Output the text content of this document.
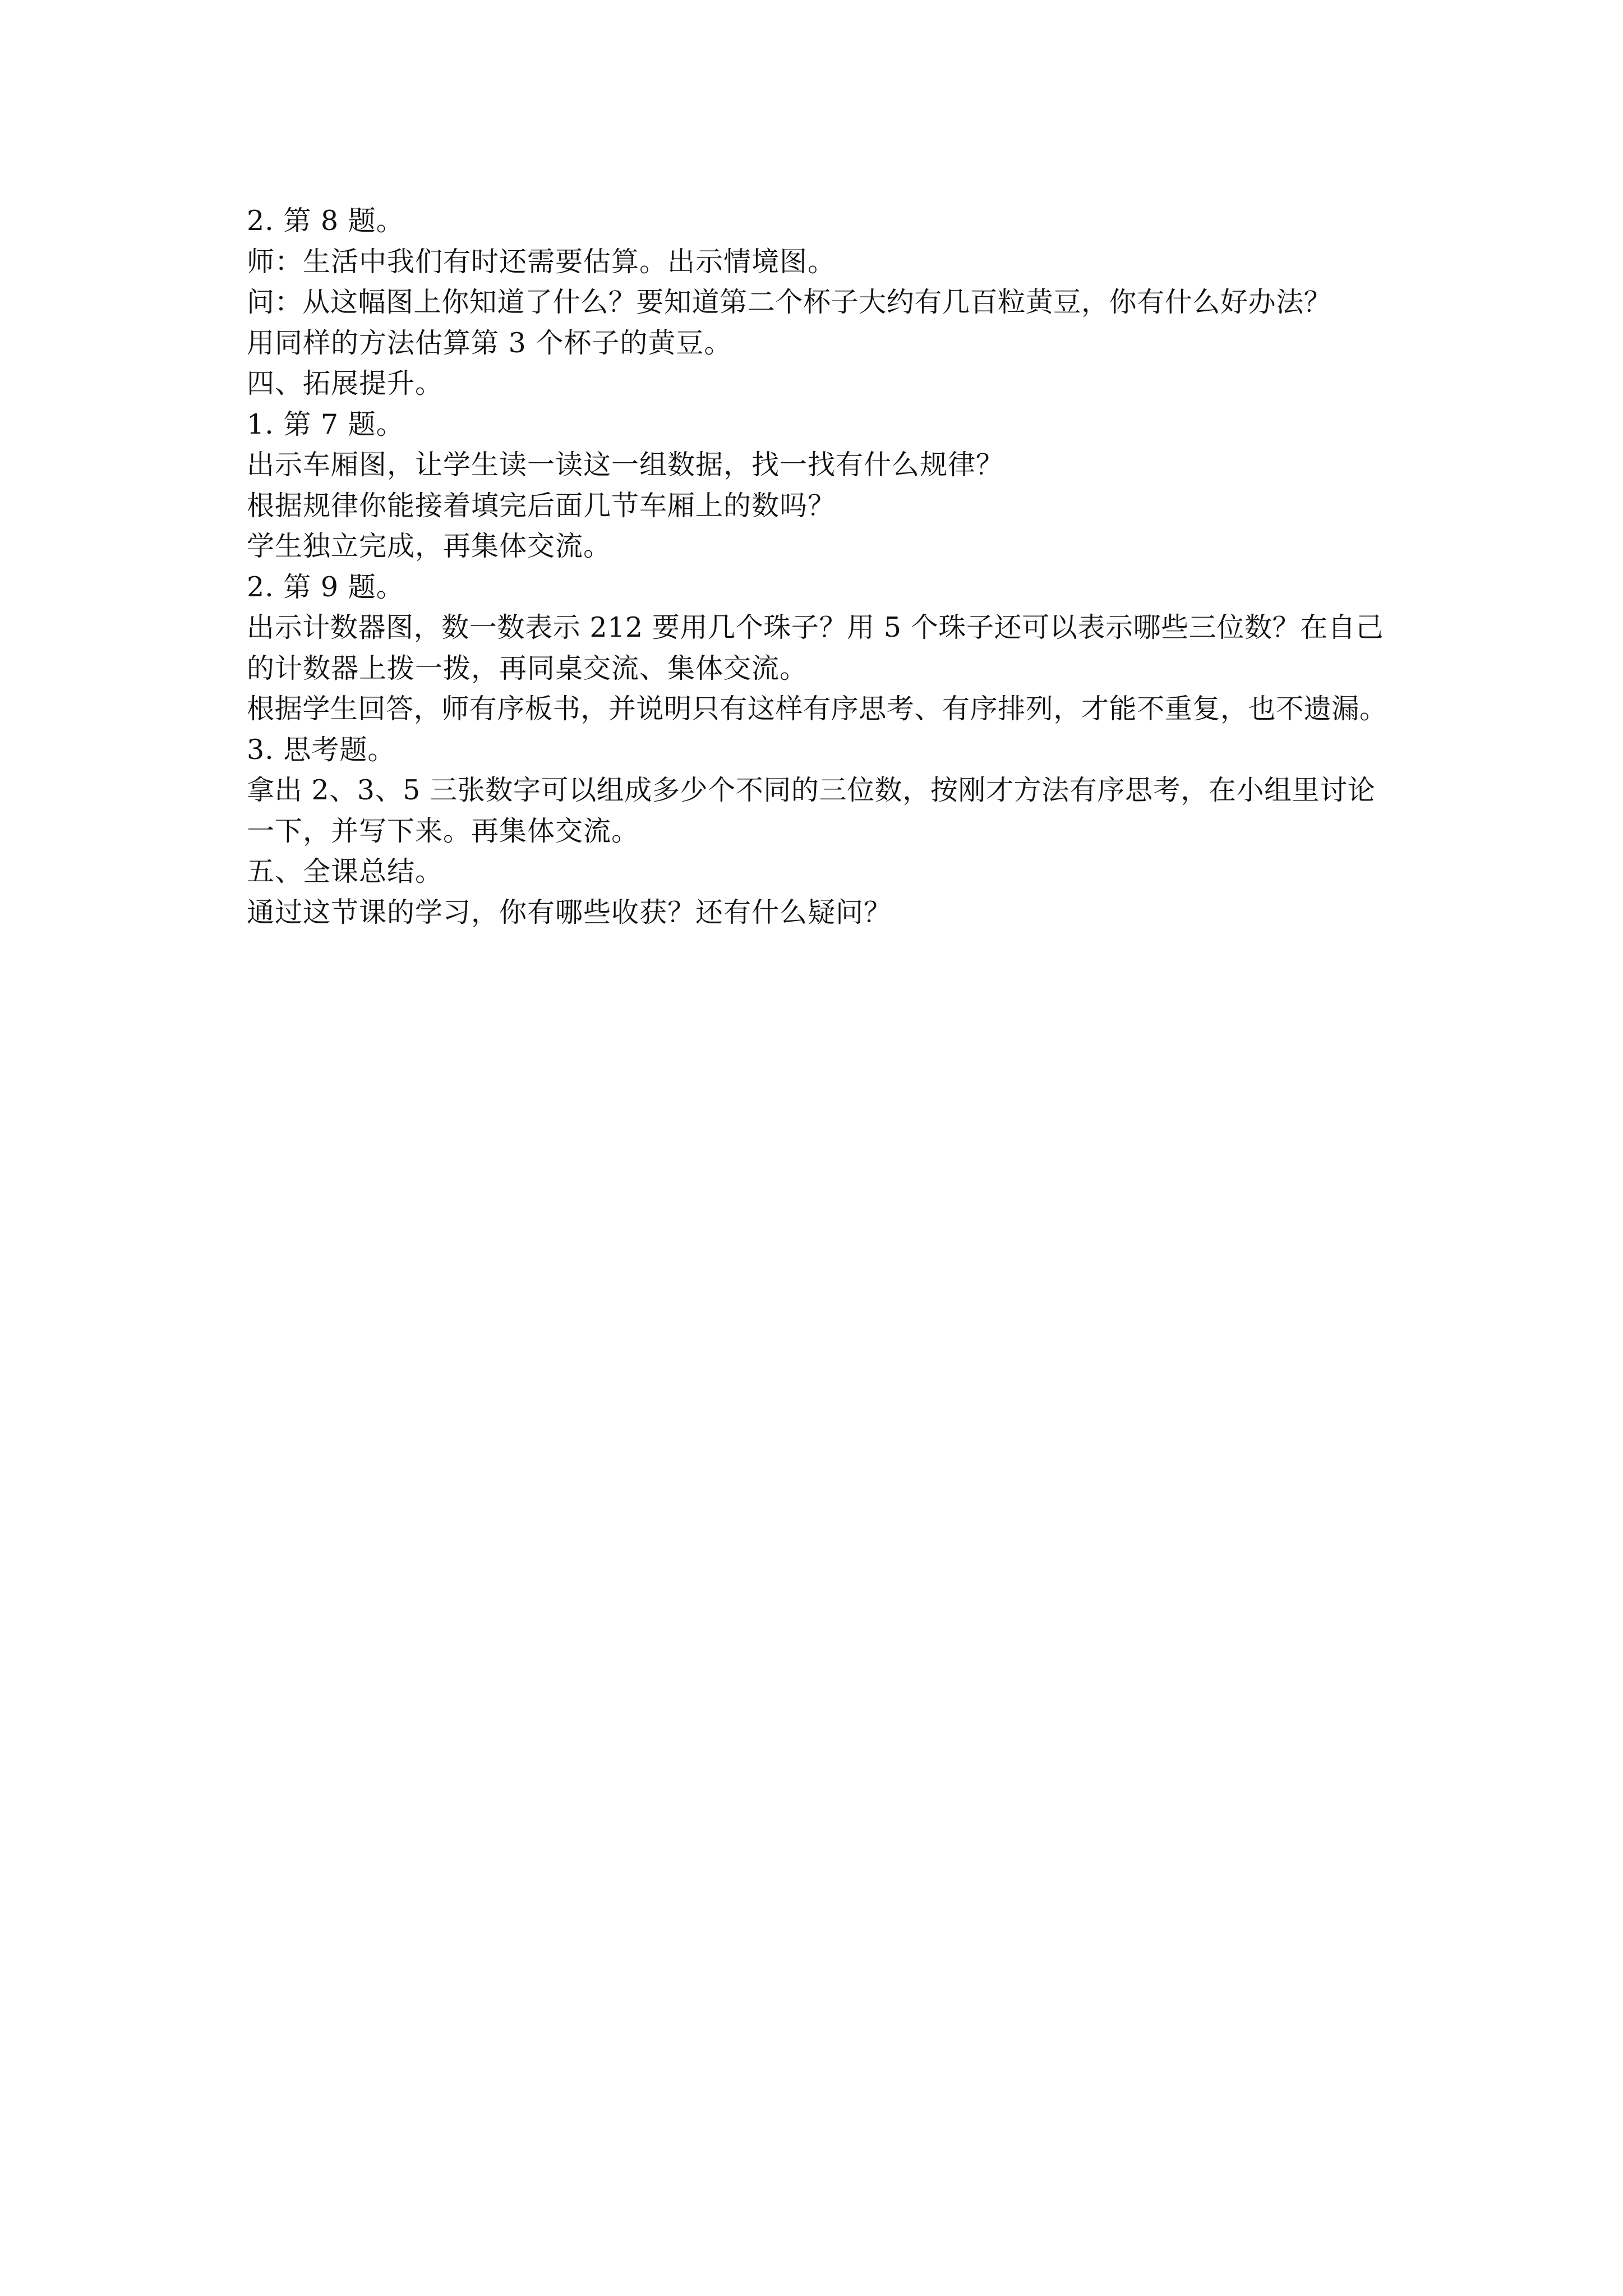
2. 第 8 题。
师：生活中我们有时还需要估算。出示情境图。
问：从这幅图上你知道了什么？要知道第二个杯子大约有几百粒黄豆，你有什么好办法？
用同样的方法估算第 3 个杯子的黄豆。
四、拓展提升。
1. 第 7 题。
出示车厢图，让学生读一读这一组数据，找一找有什么规律？
根据规律你能接着填完后面几节车厢上的数吗？
学生独立完成，再集体交流。
2. 第 9 题。
出示计数器图，数一数表示 212 要用几个珠子？用 5 个珠子还可以表示哪些三位数？在自己
的计数器上拨一拨，再同桌交流、集体交流。
根据学生回答，师有序板书，并说明只有这样有序思考、有序排列，才能不重复，也不遗漏。
3. 思考题。
拿出 2、3、5 三张数字可以组成多少个不同的三位数，按刚才方法有序思考，在小组里讨论
一下，并写下来。再集体交流。
五、全课总结。
通过这节课的学习，你有哪些收获？还有什么疑问？
